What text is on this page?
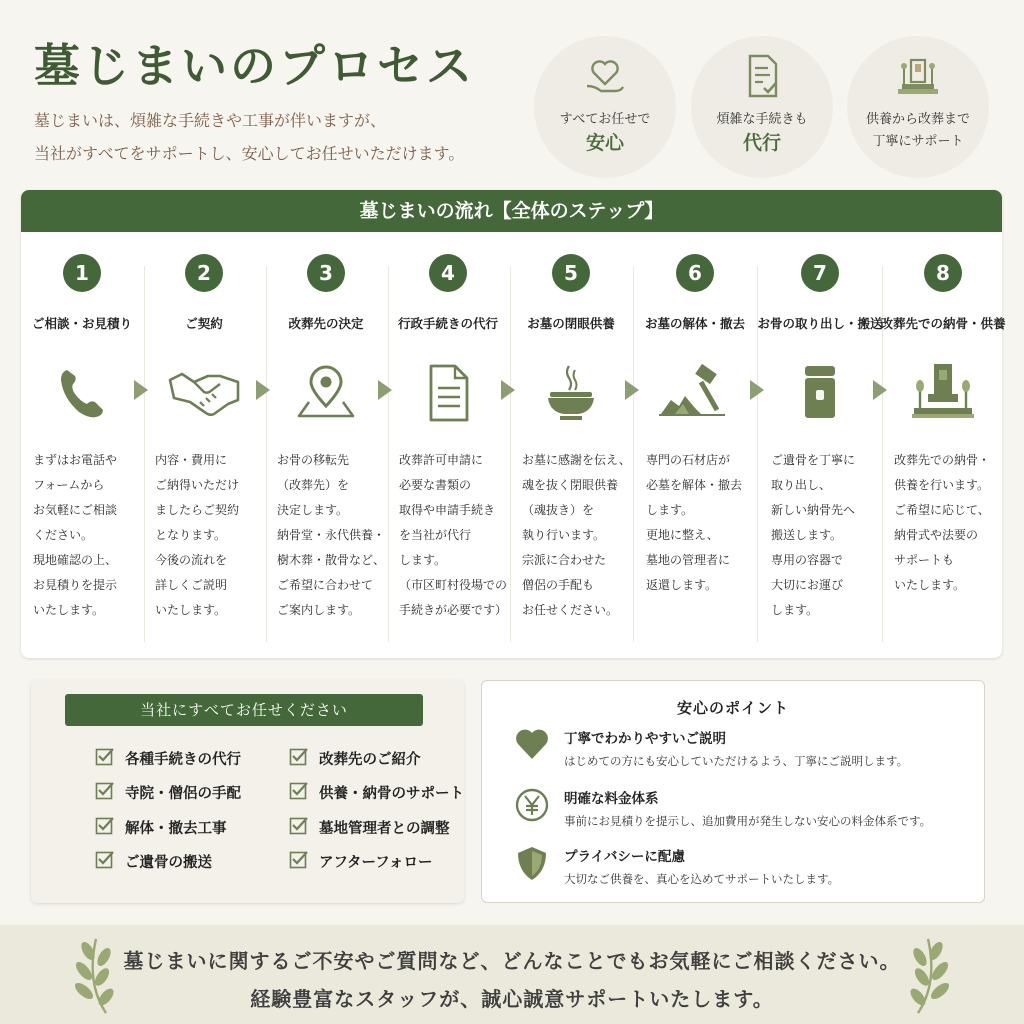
墓じまいのプロセス
墓じまいは、煩雑な手続きや工事が伴いますが、
当社がすべてをサポートし、安心してお任せいただけます。
すべてお任せで
安心
煩雑な手続きも
代行
供養から改葬まで
丁寧にサポート
墓じまいの流れ【全体のステップ】
1
ご相談・お見積り
まずはお電話や
フォームから
お気軽にご相談
ください。
現地確認の上、
お見積りを提示
いたします。
2
ご契約
内容・費用に
ご納得いただけ
ましたらご契約
となります。
今後の流れを
詳しくご説明
いたします。
3
改葬先の決定
お骨の移転先
（改葬先）を
決定します。
納骨堂・永代供養・
樹木葬・散骨など、
ご希望に合わせて
ご案内します。
4
行政手続きの代行
改葬許可申請に
必要な書類の
取得や申請手続き
を当社が代行
します。
（市区町村役場での
手続きが必要です）
5
お墓の閉眼供養
お墓に感謝を伝え、
魂を抜く閉眼供養
（魂抜き）を
執り行います。
宗派に合わせた
僧侶の手配も
お任せください。
6
お墓の解体・撤去
専門の石材店が
必墓を解体・撤去
します。
更地に整え、
墓地の管理者に
返還します。
7
お骨の取り出し・搬送
ご遺骨を丁寧に
取り出し、
新しい納骨先へ
搬送します。
専用の容器で
大切にお運び
します。
8
改葬先での納骨・供養
改葬先での納骨・
供養を行います。
ご希望に応じて、
納骨式や法要の
サポートも
いたします。
当社にすべてお任せください
各種手続きの代行	改葬先のご紹介
寺院・僧侶の手配	供養・納骨のサポート
解体・撤去工事	墓地管理者との調整
ご遺骨の搬送	アフターフォロー
安心のポイント
丁寧でわかりやすいご説明
はじめての方にも安心していただけるよう、丁寧にご説明します。
明確な料金体系
事前にお見積りを提示し、追加費用が発生しない安心の料金体系です。
プライバシーに配慮
大切なご供養を、真心を込めてサポートいたします。
墓じまいに関するご不安やご質問など、どんなことでもお気軽にご相談ください。
経験豊富なスタッフが、誠心誠意サポートいたします。
